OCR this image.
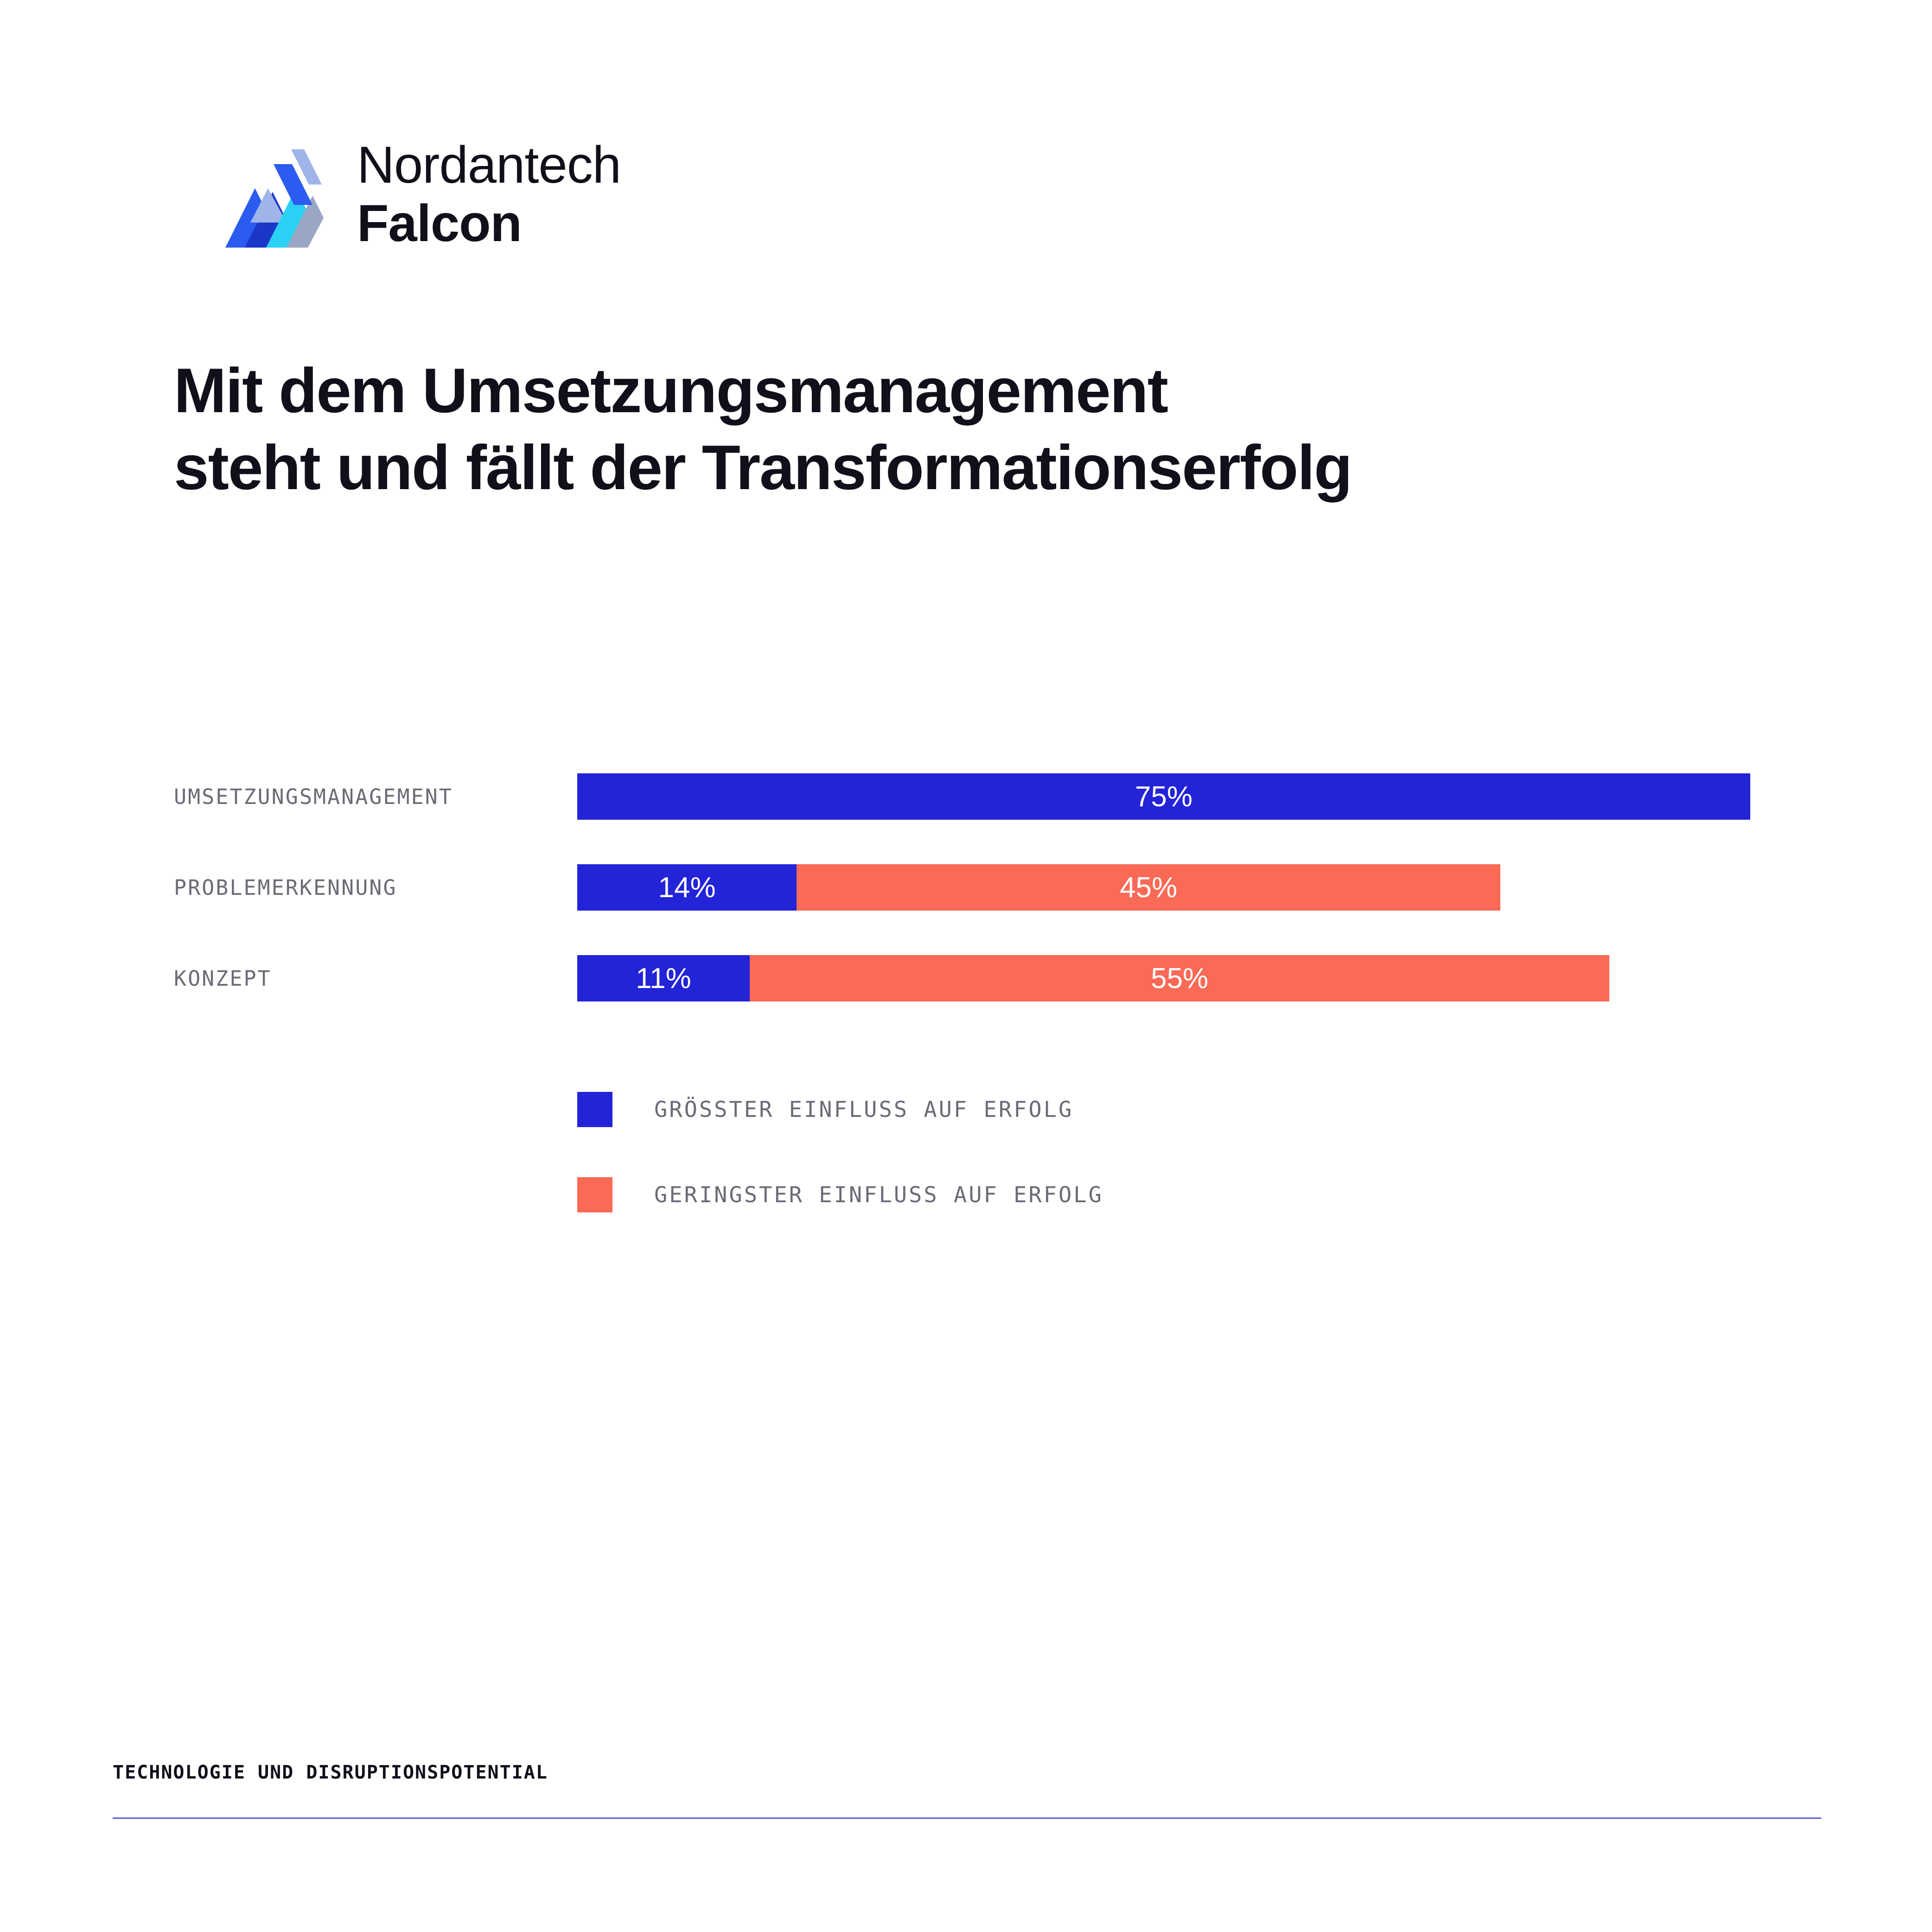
Nordantech
Falcon
Mit dem Umsetzungsmanagement
steht und fällt der Transformationserfolg
UMSETZUNGSMANAGEMENT	75%
PROBLEMERKENNUNG	14%	45%
KONZEPT	11%	55%
GRÖSSTER EINFLUSS AUF ERFOLG
GERINGSTER EINFLUSS AUF ERFOLG
TECHNOLOGIE UND DISRUPTIONSPOTENTIAL
